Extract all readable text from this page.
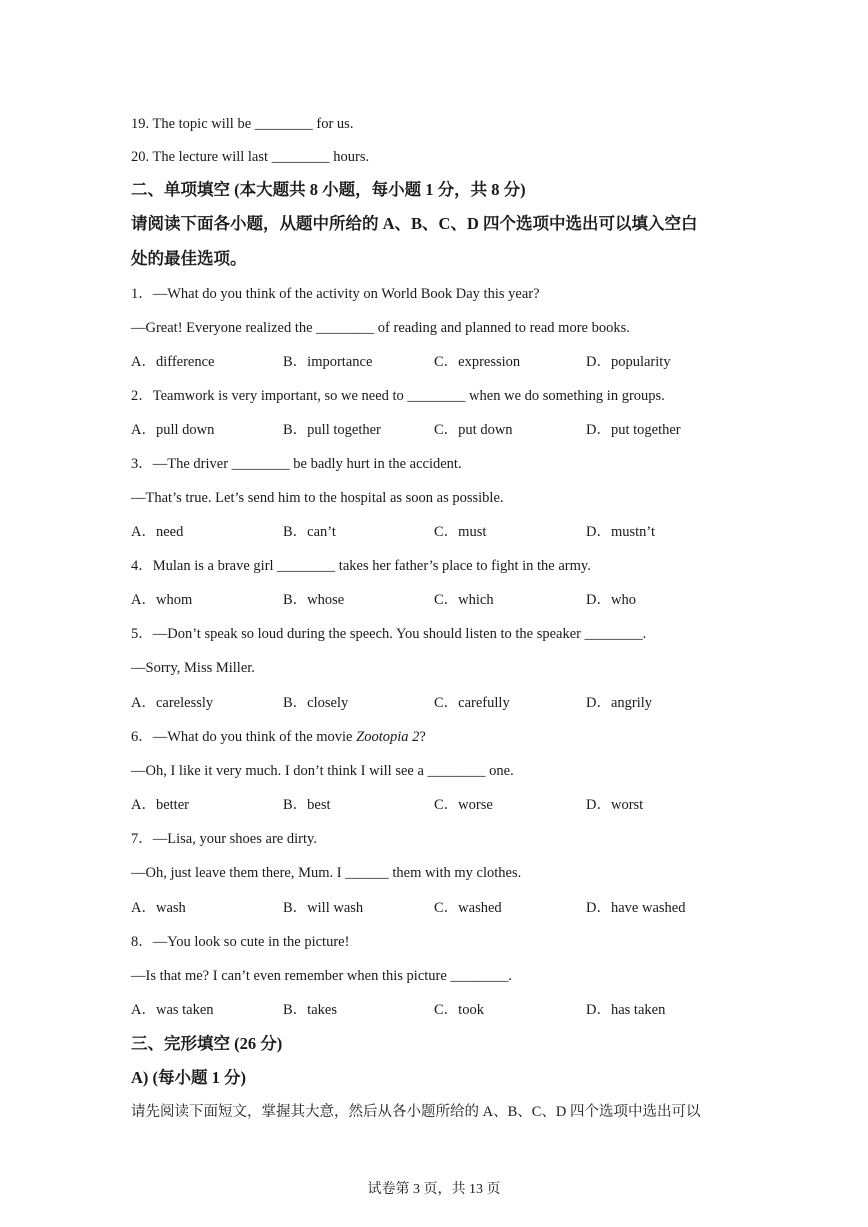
19. The topic will be ________ for us.
20. The lecture will last ________ hours.
二、单项填空 (本大题共 8 小题，每小题 1 分，共 8 分)
请阅读下面各小题，从题中所给的 A、B、C、D 四个选项中选出可以填入空白
处的最佳选项。
1．—What do you think of the activity on World Book Day this year?
—Great! Everyone realized the ________ of reading and planned to read more books.
A．difference	B．importance	C．expression	D．popularity
2．Teamwork is very important, so we need to ________ when we do something in groups.
A．pull down	B．pull together	C．put down	D．put together
3．—The driver ________ be badly hurt in the accident.
—That’s true. Let’s send him to the hospital as soon as possible.
A．need	B．can’t	C．must	D．mustn’t
4．Mulan is a brave girl ________ takes her father’s place to fight in the army.
A．whom	B．whose	C．which	D．who
5．—Don’t speak so loud during the speech. You should listen to the speaker ________.
—Sorry, Miss Miller.
A．carelessly	B．closely	C．carefully	D．angrily
6．—What do you think of the movie Zootopia 2?
—Oh, I like it very much. I don’t think I will see a ________ one.
A．better	B．best	C．worse	D．worst
7．—Lisa, your shoes are dirty.
—Oh, just leave them there, Mum. I ______ them with my clothes.
A．wash	B．will wash	C．washed	D．have washed
8．—You look so cute in the picture!
—Is that me? I can’t even remember when this picture ________.
A．was taken	B．takes	C．took	D．has taken
三、完形填空 (26 分)
A) (每小题 1 分)
请先阅读下面短文，掌握其大意，然后从各小题所给的 A、B、C、D 四个选项中选出可以
试卷第 3 页，共 13 页
